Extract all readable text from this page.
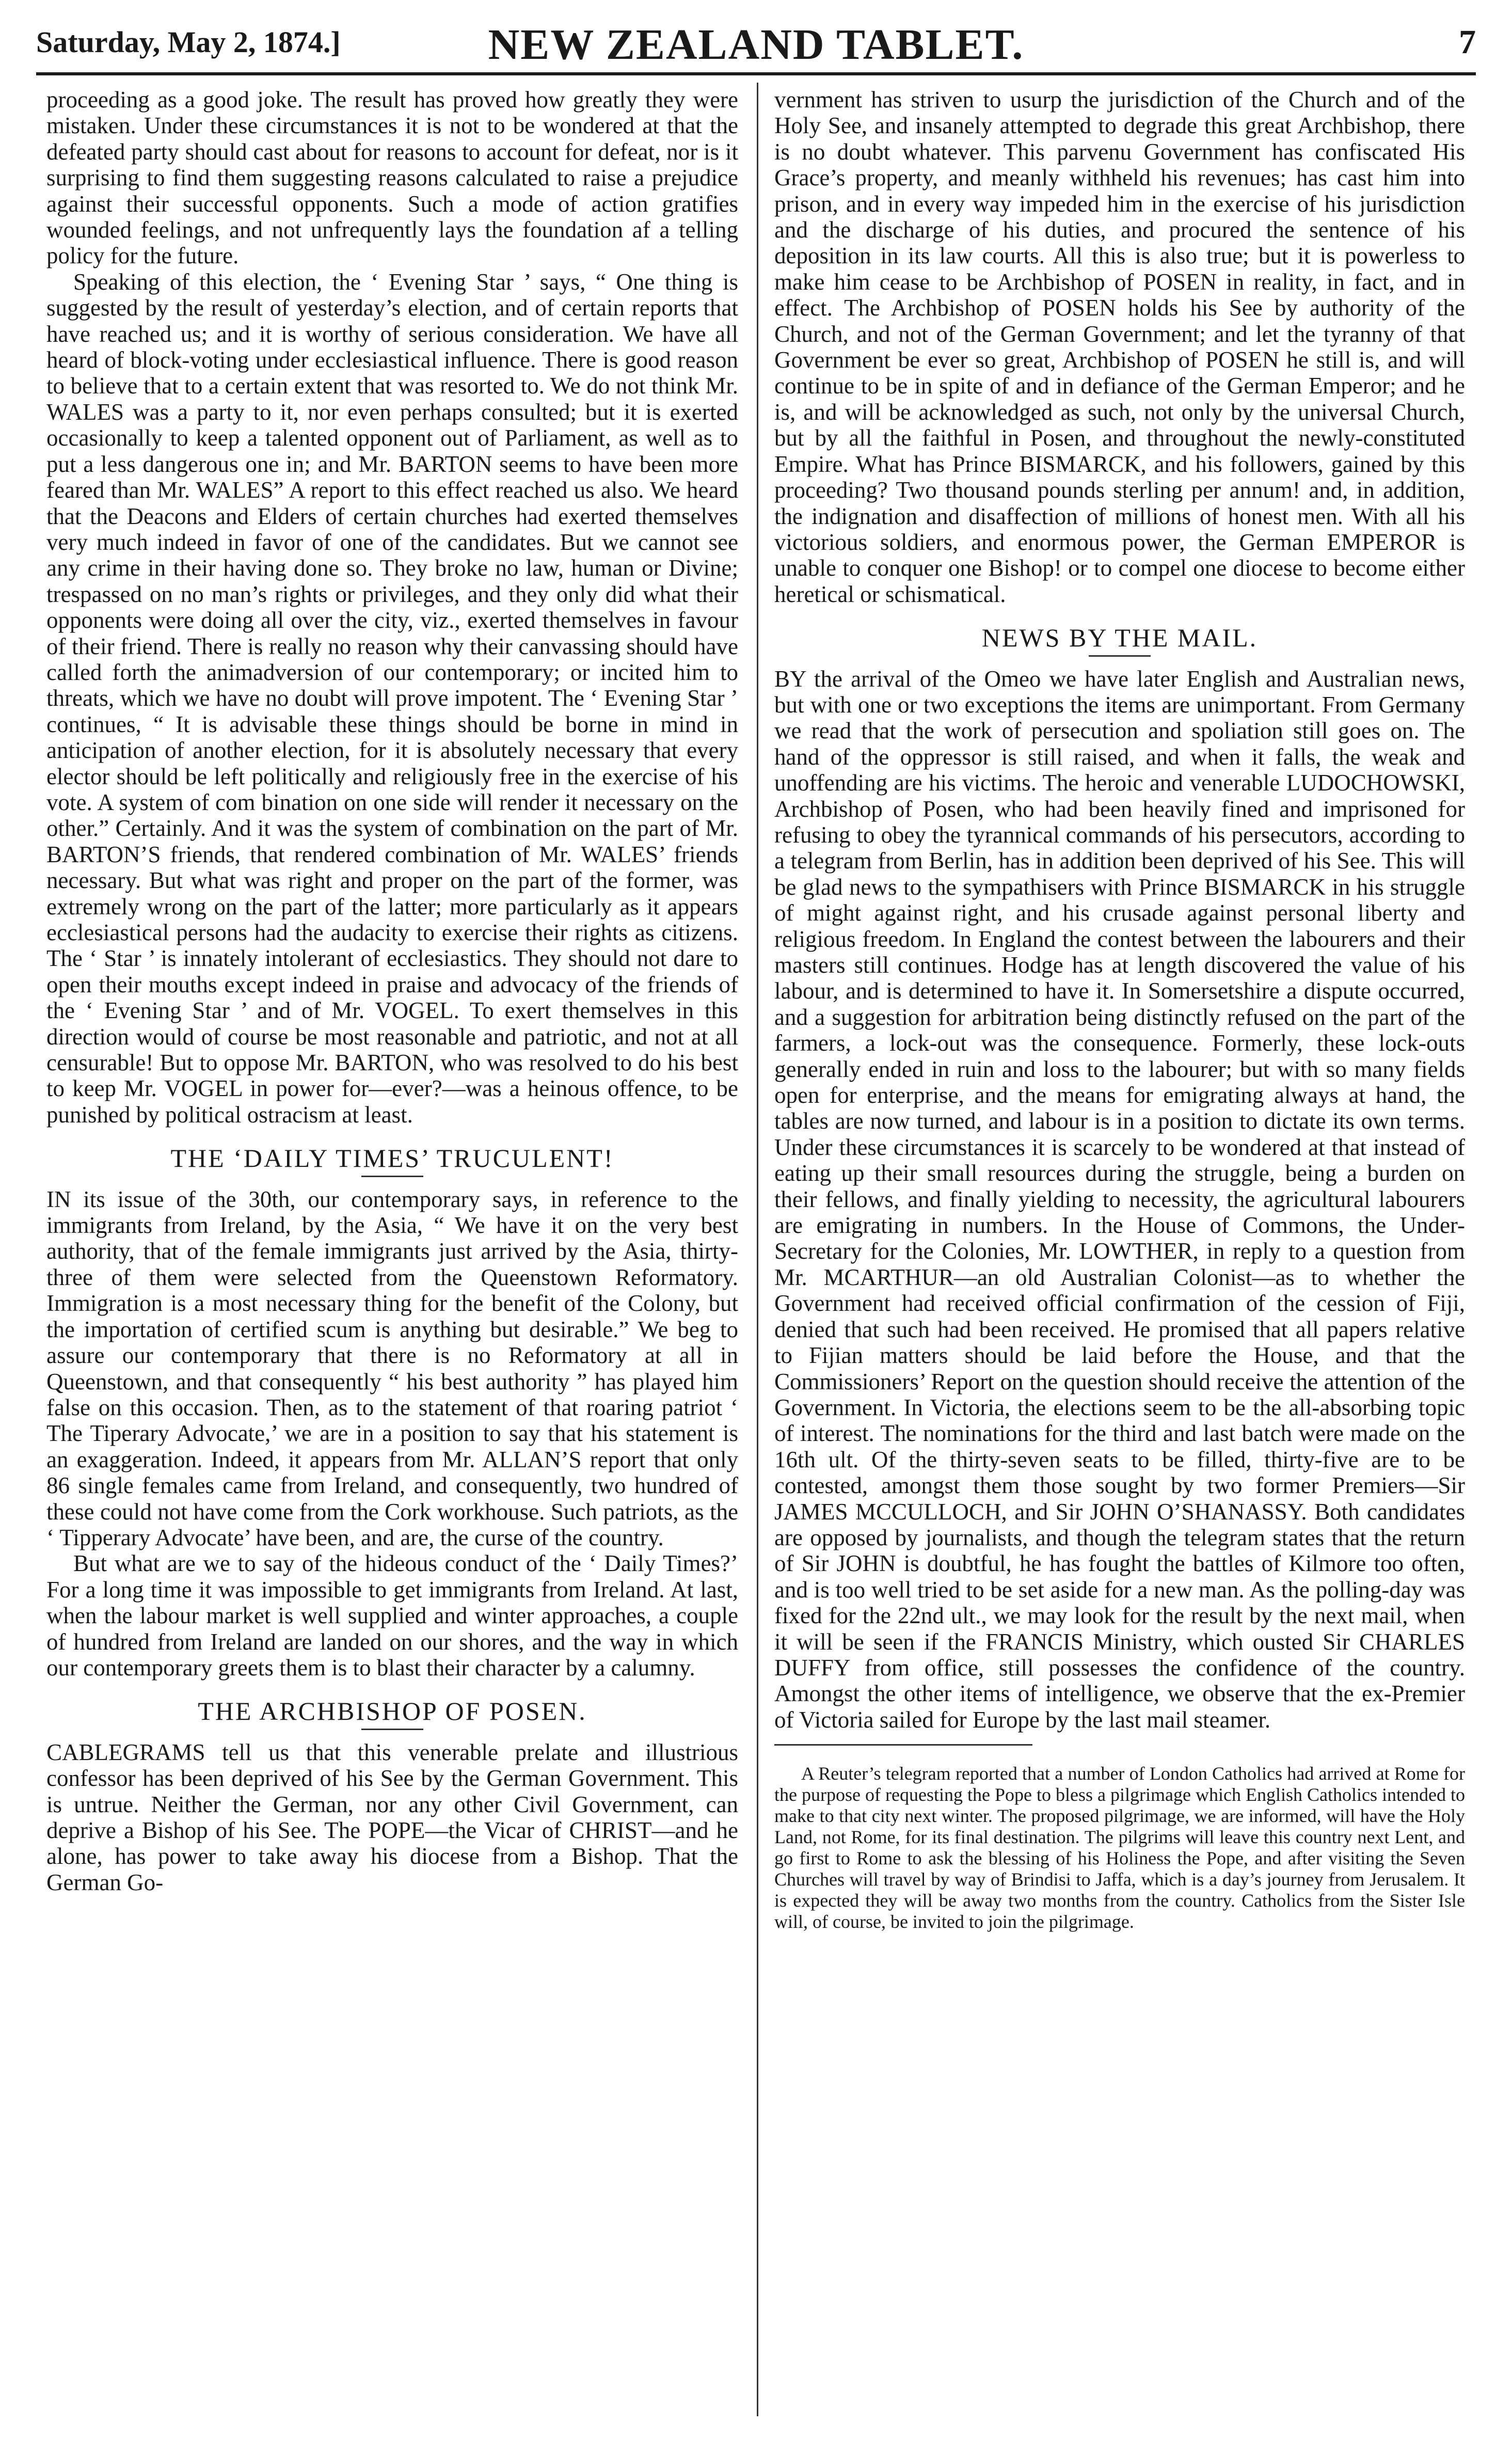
Saturday, May 2, 1874.]	NEW ZEALAND TABLET.	7

proceeding as a good joke. The result has proved how greatly they were mistaken. Under these circumstances it is not to be wondered at that the defeated party should cast about for reasons to account for defeat, nor is it surprising to find them suggesting reasons calculated to raise a prejudice against their successful opponents. Such a mode of action gratifies wounded feelings, and not unfrequently lays the foundation af a telling policy for the future.

Speaking of this election, the ‘ Evening Star ’ says, “ One thing is suggested by the result of yesterday’s election, and of certain reports that have reached us; and it is worthy of serious consideration. We have all heard of block-voting under ecclesiastical influence. There is good reason to believe that to a certain extent that was resorted to. We do not think Mr. WALES was a party to it, nor even perhaps consulted; but it is exerted occasionally to keep a talented opponent out of Parliament, as well as to put a less dangerous one in; and Mr. BARTON seems to have been more feared than Mr. WALES” A report to this effect reached us also. We heard that the Deacons and Elders of certain churches had exerted themselves very much indeed in favor of one of the candidates. But we cannot see any crime in their having done so. They broke no law, human or Divine; trespassed on no man’s rights or privileges, and they only did what their opponents were doing all over the city, viz., exerted themselves in favour of their friend. There is really no reason why their canvassing should have called forth the animadversion of our contemporary; or incited him to threats, which we have no doubt will prove impotent. The ‘ Evening Star ’ continues, “ It is advisable these things should be borne in mind in anticipation of another election, for it is absolutely necessary that every elector should be left politically and religiously free in the exercise of his vote. A system of com bination on one side will render it necessary on the other.” Certainly. And it was the system of combination on the part of Mr. BARTON’S friends, that rendered combination of Mr. WALES’ friends necessary. But what was right and proper on the part of the former, was extremely wrong on the part of the latter; more particularly as it appears ecclesiastical persons had the audacity to exercise their rights as citizens. The ‘ Star ’ is innately intolerant of ecclesiastics. They should not dare to open their mouths except indeed in praise and advocacy of the friends of the ‘ Evening Star ’ and of Mr. VOGEL. To exert themselves in this direction would of course be most reasonable and patriotic, and not at all censurable! But to oppose Mr. BARTON, who was resolved to do his best to keep Mr. VOGEL in power for—ever?—was a heinous offence, to be punished by political ostracism at least.

THE ‘DAILY TIMES’ TRUCULENT!

IN its issue of the 30th, our contemporary says, in reference to the immigrants from Ireland, by the Asia, “ We have it on the very best authority, that of the female immigrants just arrived by the Asia, thirty-three of them were selected from the Queenstown Reformatory. Immigration is a most necessary thing for the benefit of the Colony, but the importation of certified scum is anything but desirable.” We beg to assure our contemporary that there is no Reformatory at all in Queenstown, and that consequently “ his best authority ” has played him false on this occasion. Then, as to the statement of that roaring patriot ‘ The Tiperary Advocate,’ we are in a position to say that his statement is an exaggeration. Indeed, it appears from Mr. ALLAN’S report that only 86 single females came from Ireland, and consequently, two hundred of these could not have come from the Cork workhouse. Such patriots, as the ‘ Tipperary Advocate’ have been, and are, the curse of the country.

But what are we to say of the hideous conduct of the ‘ Daily Times?’ For a long time it was impossible to get immigrants from Ireland. At last, when the labour market is well supplied and winter approaches, a couple of hundred from Ireland are landed on our shores, and the way in which our contemporary greets them is to blast their character by a calumny.

THE ARCHBISHOP OF POSEN.

CABLEGRAMS tell us that this venerable prelate and illustrious confessor has been deprived of his See by the German Government. This is untrue. Neither the German, nor any other Civil Government, can deprive a Bishop of his See. The POPE—the Vicar of CHRIST—and he alone, has power to take away his diocese from a Bishop. That the German Go-

vernment has striven to usurp the jurisdiction of the Church and of the Holy See, and insanely attempted to degrade this great Archbishop, there is no doubt whatever. This parvenu Government has confiscated His Grace’s property, and meanly withheld his revenues; has cast him into prison, and in every way impeded him in the exercise of his jurisdiction and the discharge of his duties, and procured the sentence of his deposition in its law courts. All this is also true; but it is powerless to make him cease to be Archbishop of POSEN in reality, in fact, and in effect. The Archbishop of POSEN holds his See by authority of the Church, and not of the German Government; and let the tyranny of that Government be ever so great, Archbishop of POSEN he still is, and will continue to be in spite of and in defiance of the German Emperor; and he is, and will be acknowledged as such, not only by the universal Church, but by all the faithful in Posen, and throughout the newly-constituted Empire. What has Prince BISMARCK, and his followers, gained by this proceeding? Two thousand pounds sterling per annum! and, in addition, the indignation and disaffection of millions of honest men. With all his victorious soldiers, and enormous power, the German EMPEROR is unable to conquer one Bishop! or to compel one diocese to become either heretical or schismatical.

NEWS BY THE MAIL.

BY the arrival of the Omeo we have later English and Australian news, but with one or two exceptions the items are unimportant. From Germany we read that the work of persecution and spoliation still goes on. The hand of the oppressor is still raised, and when it falls, the weak and unoffending are his victims. The heroic and venerable LUDOCHOWSKI, Archbishop of Posen, who had been heavily fined and imprisoned for refusing to obey the tyrannical commands of his persecutors, according to a telegram from Berlin, has in addition been deprived of his See. This will be glad news to the sympathisers with Prince BISMARCK in his struggle of might against right, and his crusade against personal liberty and religious freedom. In England the contest between the labourers and their masters still continues. Hodge has at length discovered the value of his labour, and is determined to have it. In Somersetshire a dispute occurred, and a suggestion for arbitration being distinctly refused on the part of the farmers, a lock-out was the consequence. Formerly, these lock-outs generally ended in ruin and loss to the labourer; but with so many fields open for enterprise, and the means for emigrating always at hand, the tables are now turned, and labour is in a position to dictate its own terms. Under these circumstances it is scarcely to be wondered at that instead of eating up their small resources during the struggle, being a burden on their fellows, and finally yielding to necessity, the agricultural labourers are emigrating in numbers. In the House of Commons, the Under-Secretary for the Colonies, Mr. LOWTHER, in reply to a question from Mr. MCARTHUR—an old Australian Colonist—as to whether the Government had received official confirmation of the cession of Fiji, denied that such had been received. He promised that all papers relative to Fijian matters should be laid before the House, and that the Commissioners’ Report on the question should receive the attention of the Government. In Victoria, the elections seem to be the all-absorbing topic of interest. The nominations for the third and last batch were made on the 16th ult. Of the thirty-seven seats to be filled, thirty-five are to be contested, amongst them those sought by two former Premiers—Sir JAMES MCCULLOCH, and Sir JOHN O’SHANASSY. Both candidates are opposed by journalists, and though the telegram states that the return of Sir JOHN is doubtful, he has fought the battles of Kilmore too often, and is too well tried to be set aside for a new man. As the polling-day was fixed for the 22nd ult., we may look for the result by the next mail, when it will be seen if the FRANCIS Ministry, which ousted Sir CHARLES DUFFY from office, still possesses the confidence of the country. Amongst the other items of intelligence, we observe that the ex-Premier of Victoria sailed for Europe by the last mail steamer.

A Reuter’s telegram reported that a number of London Catholics had arrived at Rome for the purpose of requesting the Pope to bless a pilgrimage which English Catholics intended to make to that city next winter. The proposed pilgrimage, we are informed, will have the Holy Land, not Rome, for its final destination. The pilgrims will leave this country next Lent, and go first to Rome to ask the blessing of his Holiness the Pope, and after visiting the Seven Churches will travel by way of Brindisi to Jaffa, which is a day’s journey from Jerusalem. It is expected they will be away two months from the country. Catholics from the Sister Isle will, of course, be invited to join the pilgrimage.
